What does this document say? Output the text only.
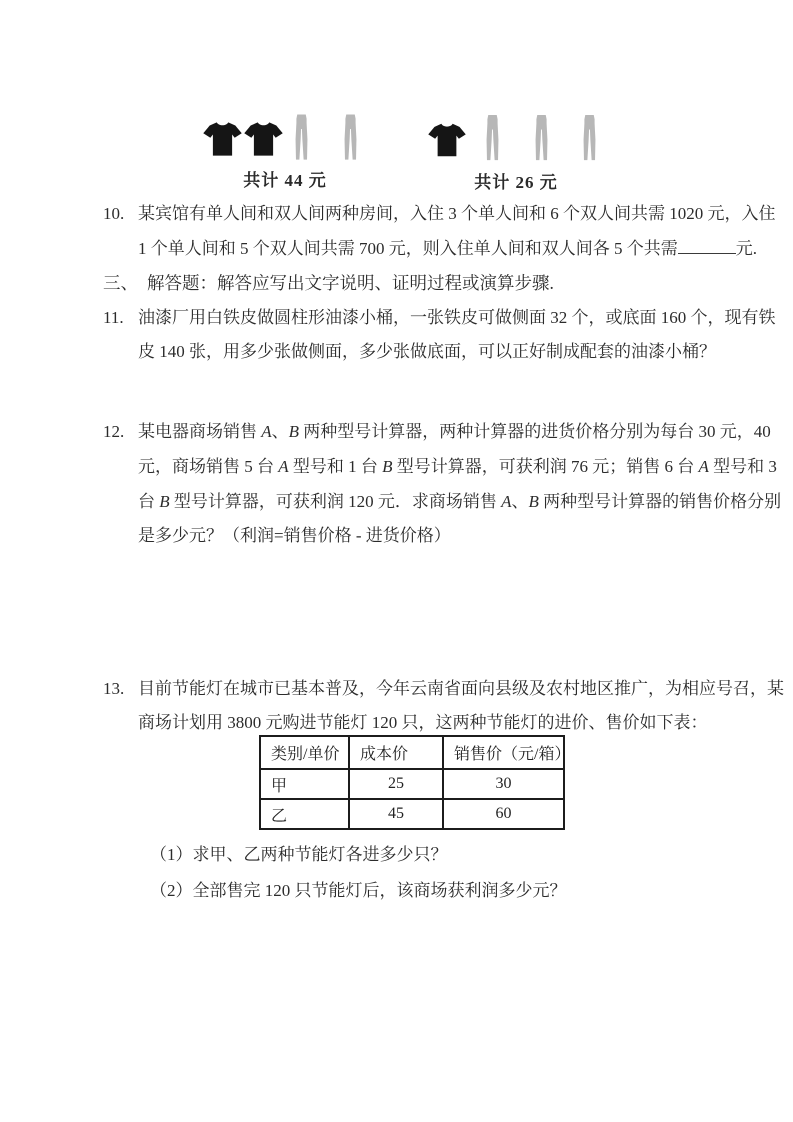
共计 44 元	共计 26 元
10. 某宾馆有单人间和双人间两种房间，入住 3 个单人间和 6 个双人间共需 1020 元，入住
1 个单人间和 5 个双人间共需 700 元，则入住单人间和双人间各 5 个共需	元.
三、 解答题：解答应写出文字说明、证明过程或演算步骤.
11. 油漆厂用白铁皮做圆柱形油漆小桶，一张铁皮可做侧面 32 个，或底面 160 个，现有铁
皮 140 张，用多少张做侧面，多少张做底面，可以正好制成配套的油漆小桶？
12. 某电器商场销售 A、B 两种型号计算器，两种计算器的进货价格分别为每台 30 元，40
元，商场销售 5 台 A 型号和 1 台 B 型号计算器，可获利润 76 元；销售 6 台 A 型号和 3
台 B 型号计算器，可获利润 120 元．求商场销售 A、B 两种型号计算器的销售价格分别
是多少元？（利润=销售价格 - 进货价格）
13. 目前节能灯在城市已基本普及，今年云南省面向县级及农村地区推广，为相应号召，某
商场计划用 3800 元购进节能灯 120 只，这两种节能灯的进价、售价如下表：
类别/单价	成本价	销售价（元/箱）
甲	25	30
乙	45	60
（1）求甲、乙两种节能灯各进多少只？
（2）全部售完 120 只节能灯后，该商场获利润多少元？
